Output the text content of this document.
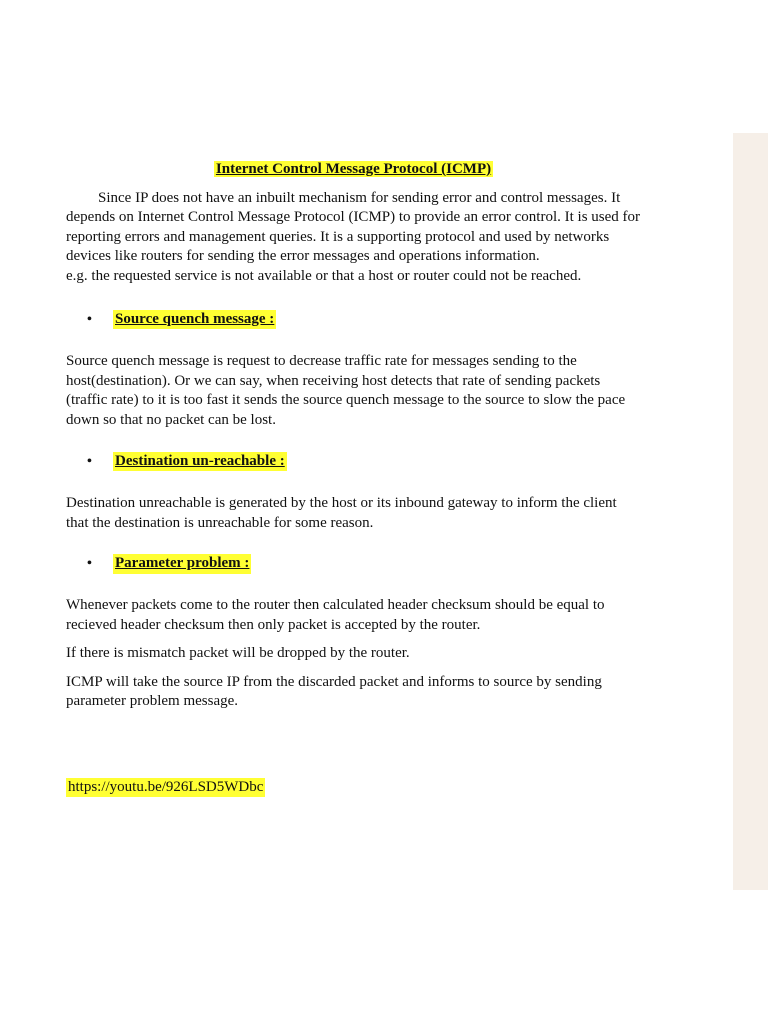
Internet Control Message Protocol (ICMP)

Since IP does not have an inbuilt mechanism for sending error and control messages. It depends on Internet Control Message Protocol (ICMP) to provide an error control. It is used for reporting errors and management queries. It is a supporting protocol and used by networks devices like routers for sending the error messages and operations information.

e.g. the requested service is not available or that a host or router could not be reached.

•	Source quench message :

Source quench message is request to decrease traffic rate for messages sending to the host(destination). Or we can say, when receiving host detects that rate of sending packets (traffic rate) to it is too fast it sends the source quench message to the source to slow the pace down so that no packet can be lost.

•	Destination un-reachable :

Destination unreachable is generated by the host or its inbound gateway to inform the client that the destination is unreachable for some reason.

•	Parameter problem :

Whenever packets come to the router then calculated header checksum should be equal to recieved header checksum then only packet is accepted by the router.

If there is mismatch packet will be dropped by the router.

ICMP will take the source IP from the discarded packet and informs to source by sending parameter problem message.

https://youtu.be/926LSD5WDbc
